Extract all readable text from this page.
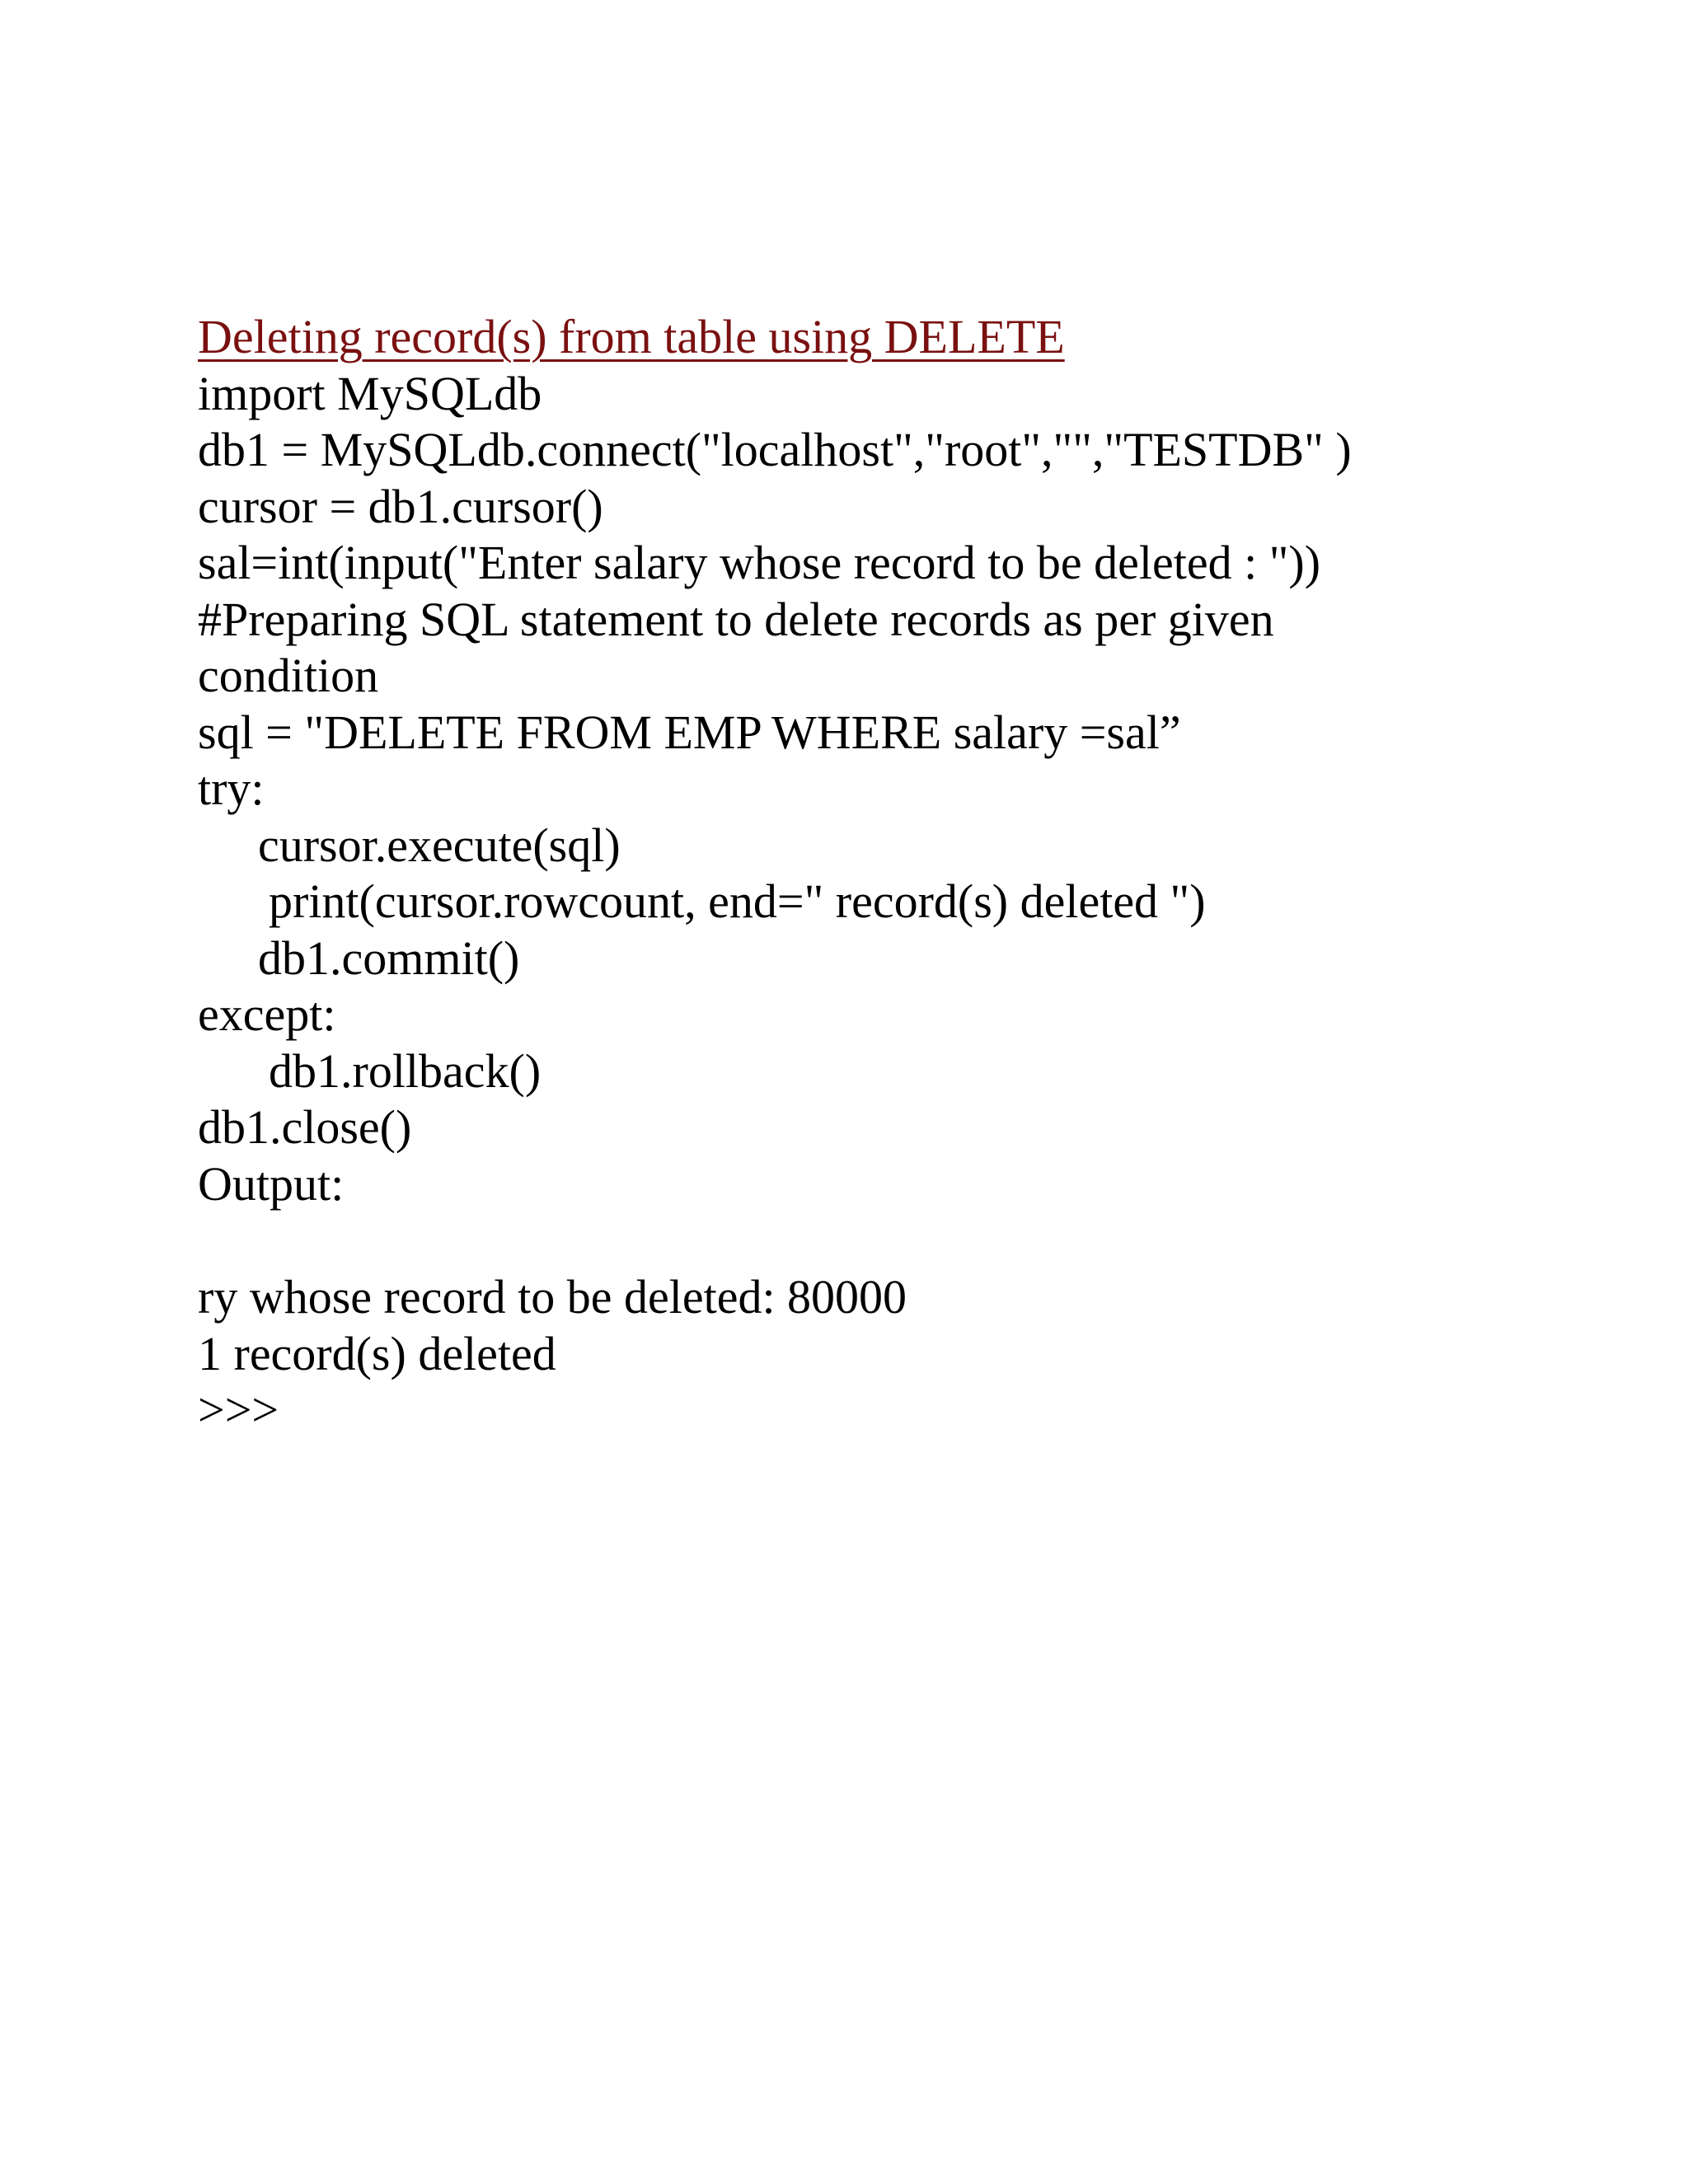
Deleting record(s) from table using DELETE
import MySQLdb
db1 = MySQLdb.connect("localhost","root","","TESTDB" )
cursor = db1.cursor()
sal=int(input("Enter salary whose record to be deleted : "))
#Preparing SQL statement to delete records as per given
condition
sql = "DELETE FROM EMP WHERE salary =sal”
try:
cursor.execute(sql)
print(cursor.rowcount, end=" record(s) deleted ")
db1.commit()
except:
db1.rollback()
db1.close()
Output:
ry whose record to be deleted: 80000
1 record(s) deleted
>>>
